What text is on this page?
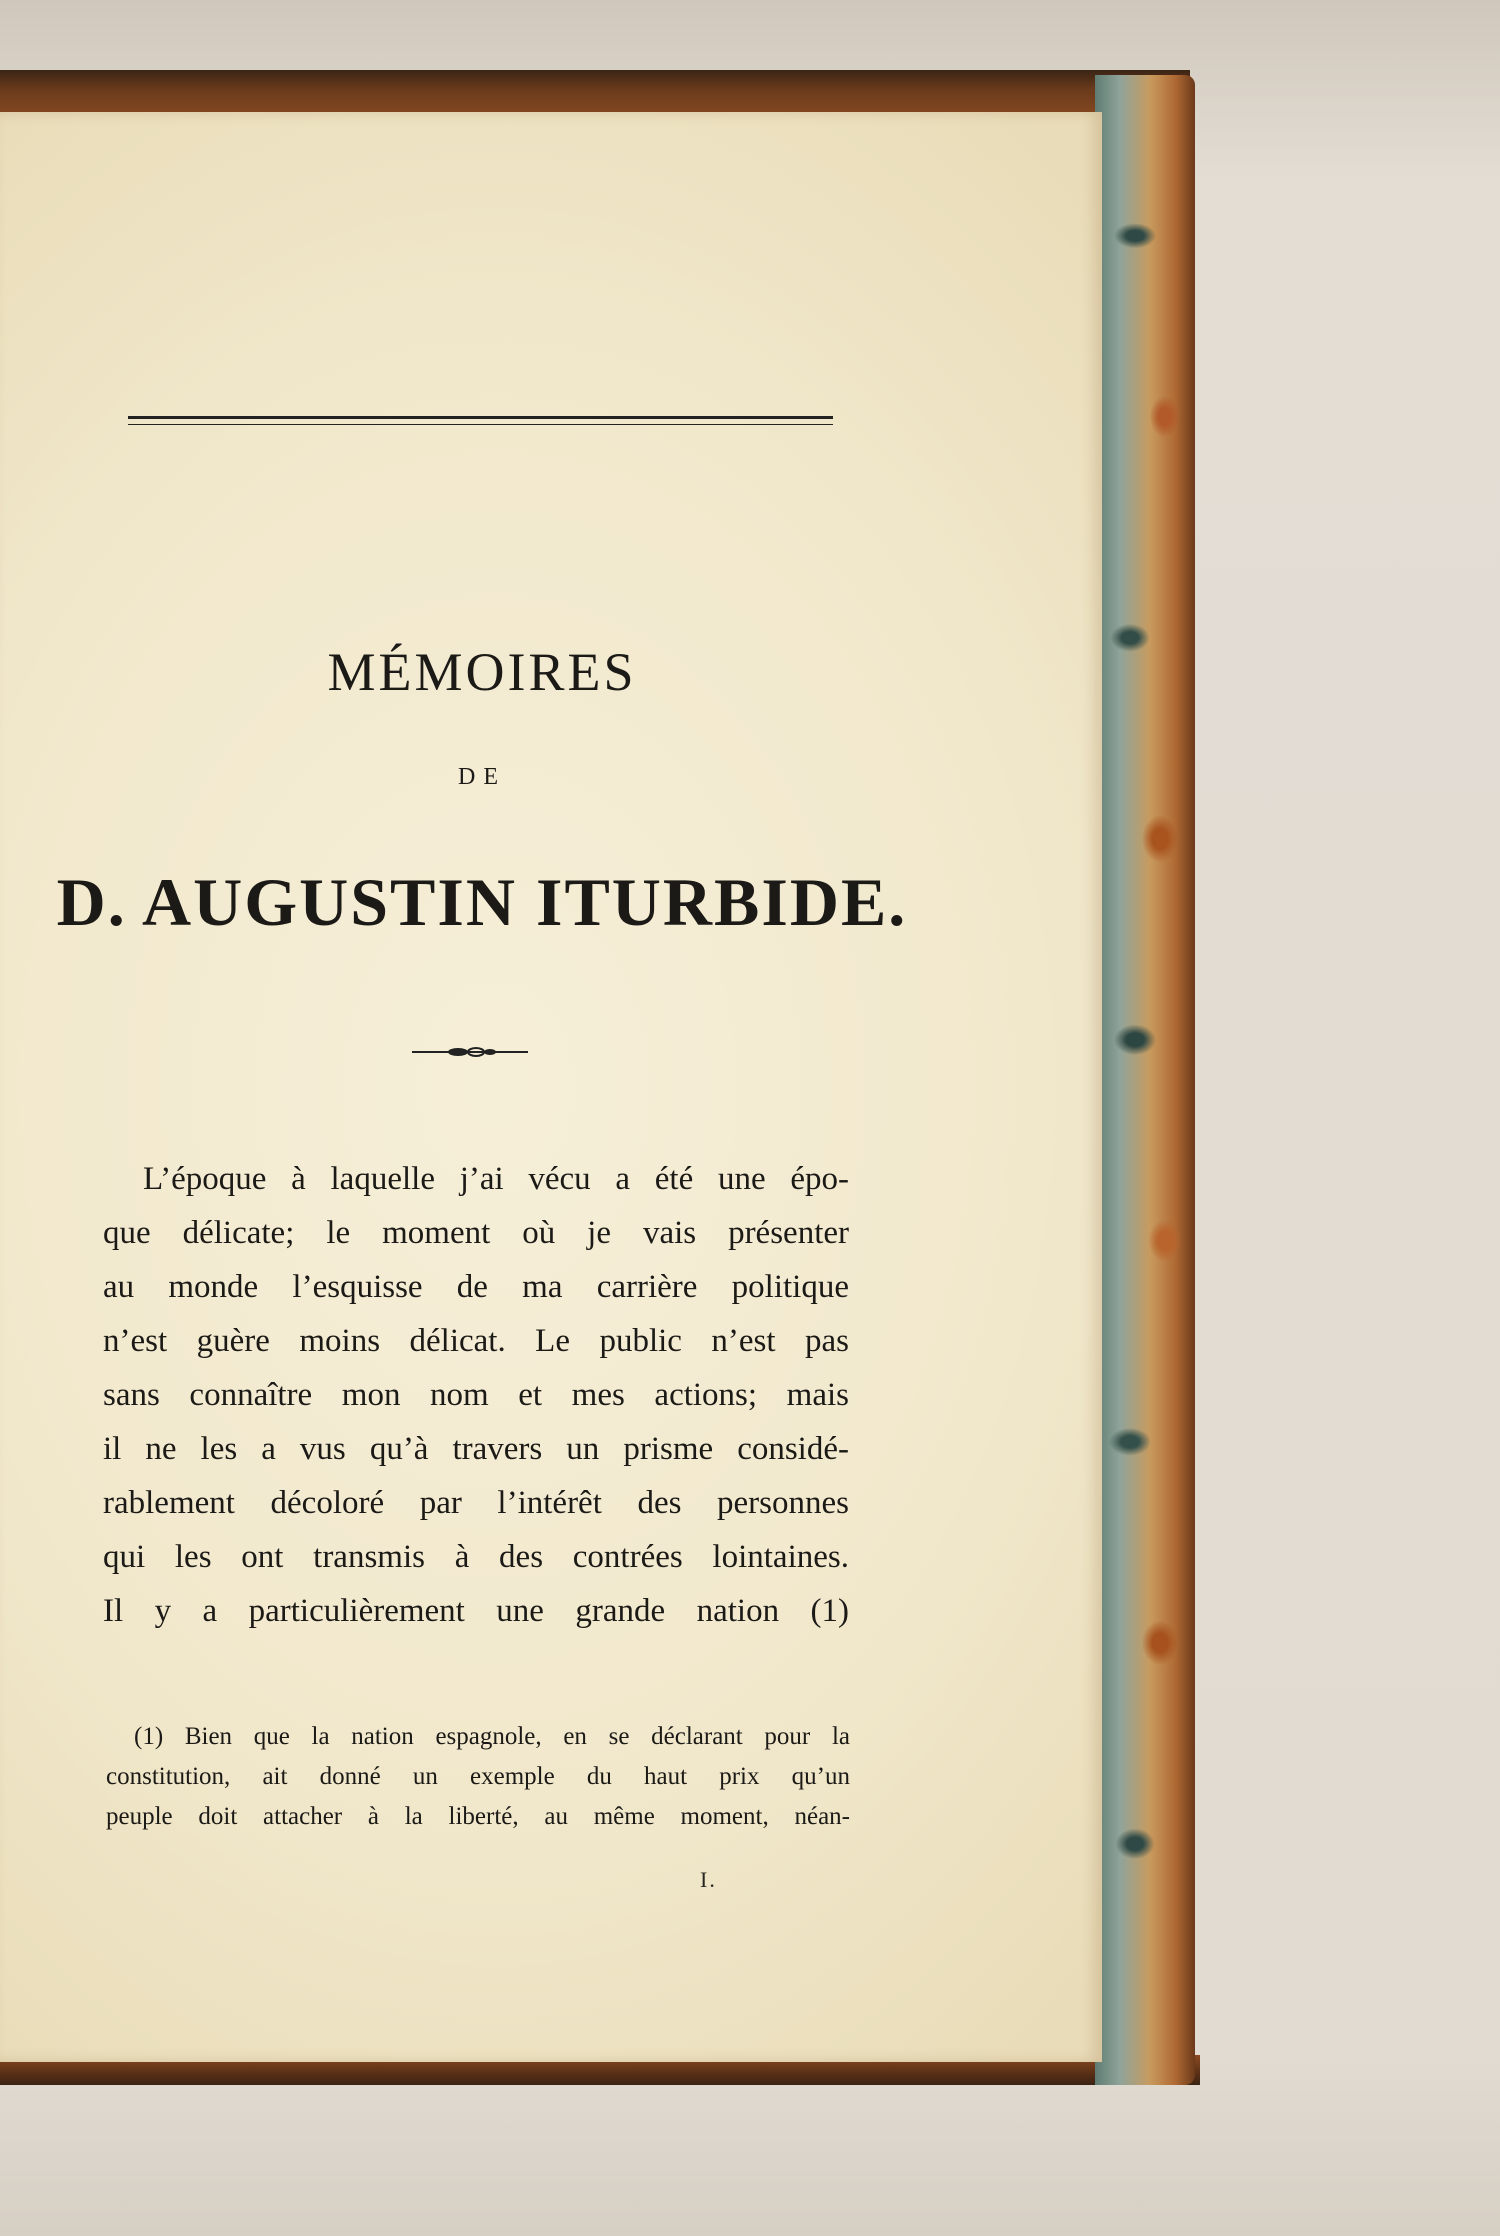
MÉMOIRES
DE
D. AUGUSTIN ITURBIDE.
L’époque à laquelle j’ai vécu a été une épo-
que délicate; le moment où je vais présenter
au monde l’esquisse de ma carrière politique
n’est guère moins délicat. Le public n’est pas
sans connaître mon nom et mes actions; mais
il ne les a vus qu’à travers un prisme considé-
rablement décoloré par l’intérêt des personnes
qui les ont transmis à des contrées lointaines.
Il y a particulièrement une grande nation (1)
(1) Bien que la nation espagnole, en se déclarant pour la
constitution, ait donné un exemple du haut prix qu’un
peuple doit attacher à la liberté, au même moment, néan-
I.
